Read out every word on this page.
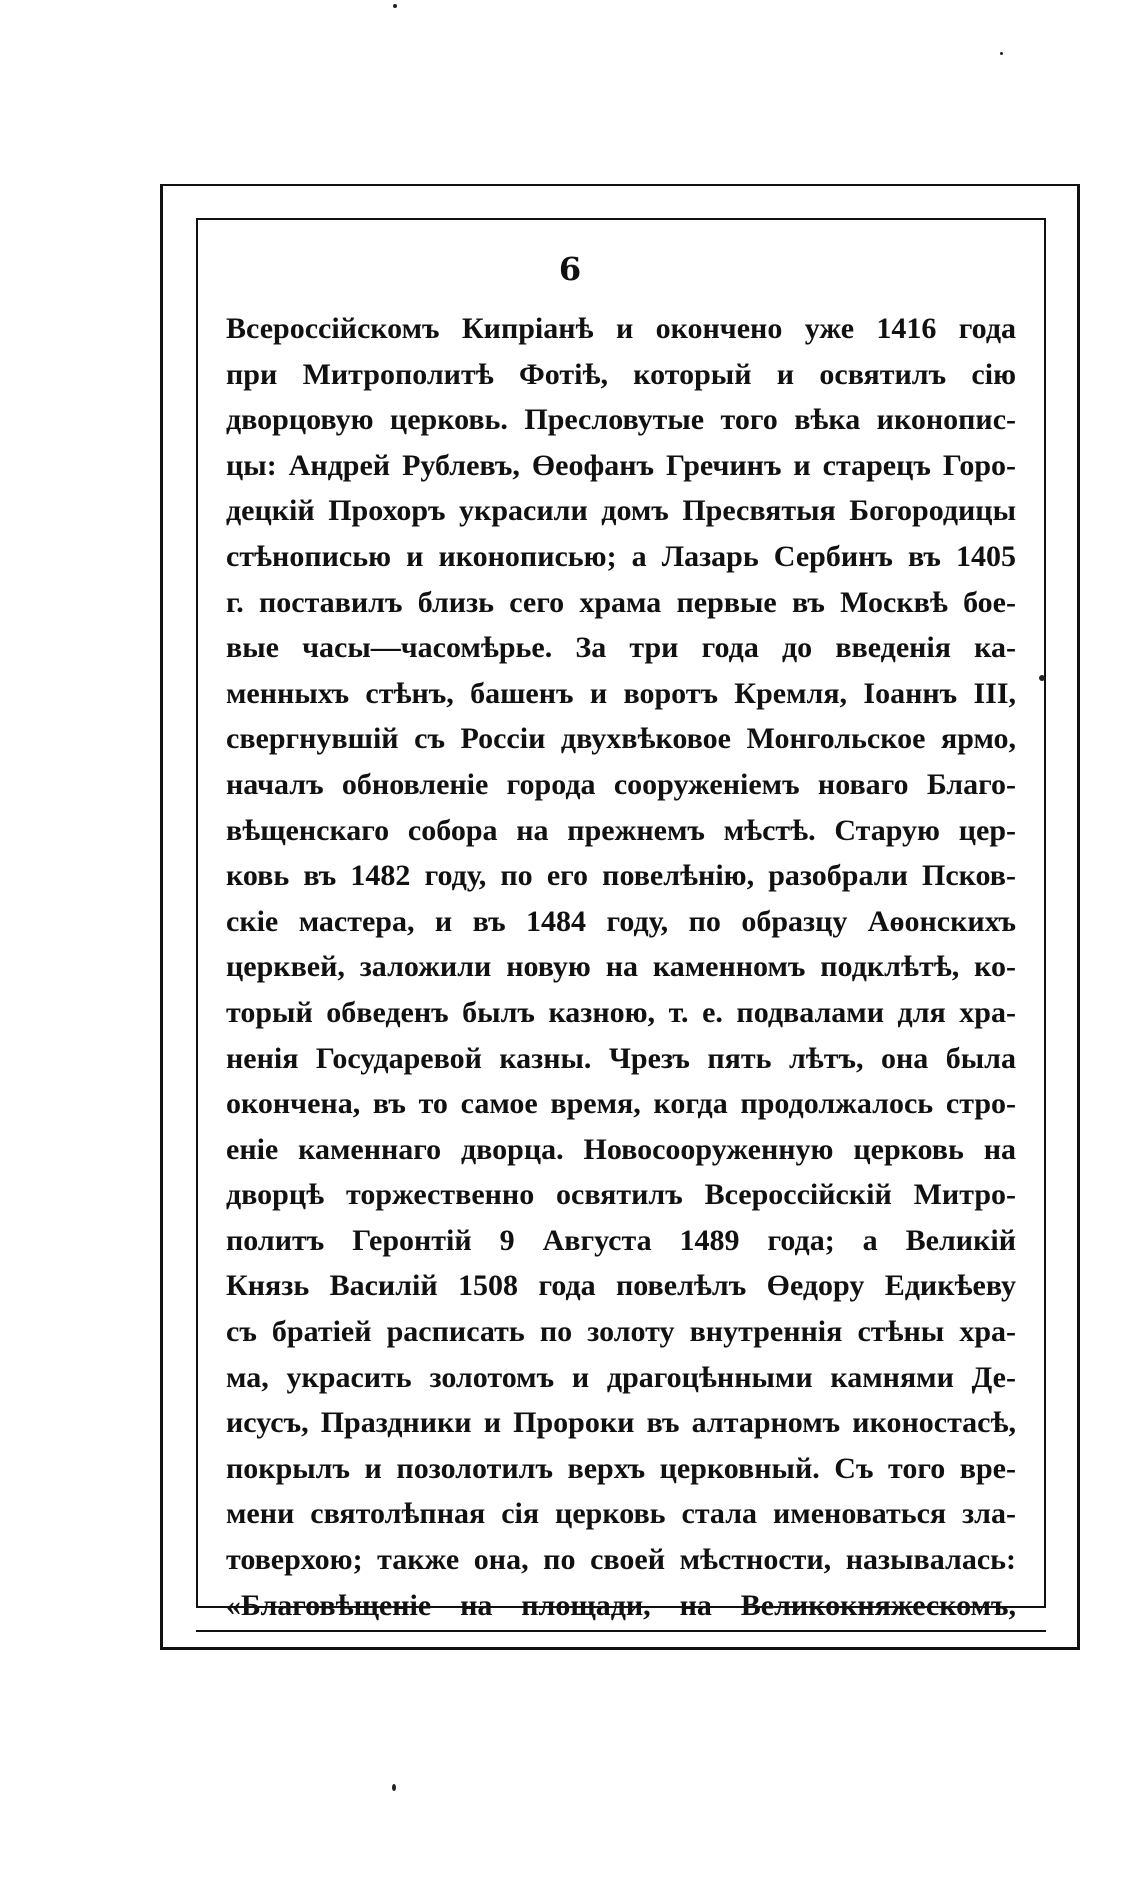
6
Всероссійскомъ Кипріанѣ и окончено уже 1416 года
при Митрополитѣ Фотіѣ, который и освятилъ сію
дворцовую церковь. Пресловутые того вѣка иконопис-
цы: Андрей Рублевъ, Өеофанъ Гречинъ и старецъ Горо-
децкій Прохоръ украсили домъ Пресвятыя Богородицы
стѣнописью и иконописью; а Лазарь Сербинъ въ 1405
г. поставилъ близь сего храма первые въ Москвѣ бое-
вые часы—часомѣрье. За три года до введенія ка-
менныхъ стѣнъ, башенъ и воротъ Кремля, Іоаннъ III,
свергнувшій съ Россіи двухвѣковое Монгольское ярмо,
началъ обновленіе города сооруженіемъ новаго Благо-
вѣщенскаго собора на прежнемъ мѣстѣ. Старую цер-
ковь въ 1482 году, по его повелѣнію, разобрали Псков-
скіе мастера, и въ 1484 году, по образцу Аөонскихъ
церквей, заложили новую на каменномъ подклѣтѣ, ко-
торый обведенъ былъ казною, т. е. подвалами для хра-
ненія Государевой казны. Чрезъ пять лѣтъ, она была
окончена, въ то самое время, когда продолжалось стро-
еніе каменнаго дворца. Новосооруженную церковь на
дворцѣ торжественно освятилъ Всероссійскій Митро-
политъ Геронтій 9 Августа 1489 года; а Великій
Князь Василій 1508 года повелѣлъ Өедору Едикѣеву
съ братіей расписать по золоту внутреннія стѣны хра-
ма, украсить золотомъ и драгоцѣнными камнями Де-
исусъ, Праздники и Пророки въ алтарномъ иконостасѣ,
покрылъ и позолотилъ верхъ церковный. Съ того вре-
мени святолѣпная сія церковь стала именоваться зла-
товерхою; также она, по своей мѣстности, называлась:
«Благовѣщеніе на площади, на Великокняжескомъ,
